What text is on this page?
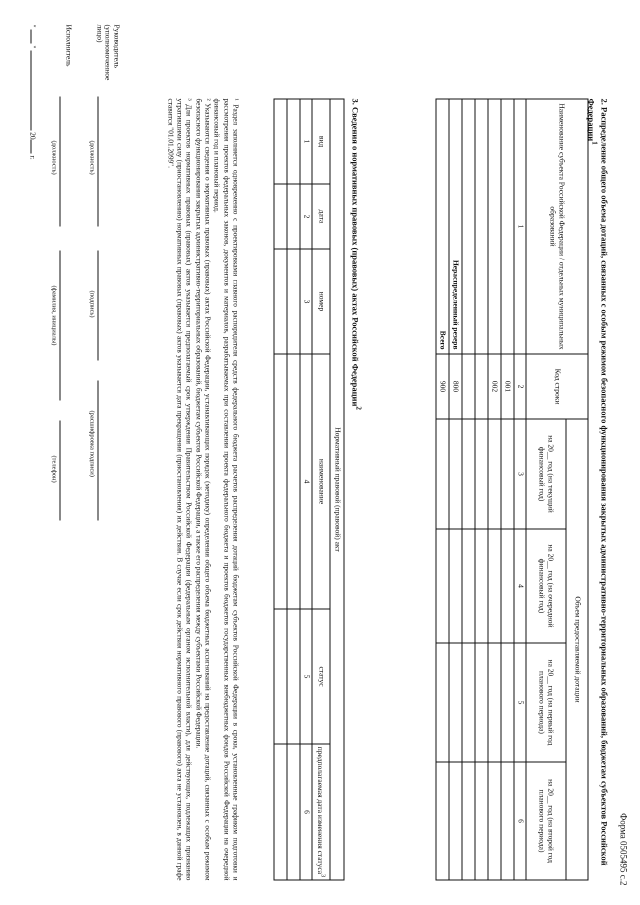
Форма 0505495 с.2
2. Распределение общего объема дотаций, связанных с особым режимом безопасного функционирования закрытых административно-территориальных образований, бюджетам субъектов Российской Федерации$^1$
Наименование субъекта Российской Федерации / отдельных муниципальных образований	Код строки	Объем предоставляемой дотации			
		на 20__ год (на текущий финансовый год)	на 20__ год (на очередной финансовый год)	на 20__ год (на первый год планового периода)	на 20__ год (на второй год планового периода)
1	2	3	4	5	6
	001				
	002				

Нераспределенный резерв	800				
Всего	900				
3. Сведения о нормативных правовых (правовых) актах Российской Федерации$^2$
Нормативный правовой (правовой) акт					
вид	дата	номер	наименование	статус	предполагаемая дата изменения статуса$^3$
1	2	3	4	5	6

¹ Раздел заполняется одновременно с проектировками главного распорядителя средств федерального бюджета расчетов распределения дотаций бюджетам субъектов Российской Федерации в сроки, установленные графиком подготовки и рассмотрения проектов федеральных законов, документов и материалов, разрабатываемых при составлении проекта федерального бюджета и проектов бюджетов государственных внебюджетных фондов Российской Федерации на очередной финансовый год и плановый период.

² Указываются сведения о нормативных правовых (правовых) актах Российской Федерации, устанавливающих порядок (методику) определения общего объема бюджетных ассигнований на предоставление дотаций, связанных с особым режимом безопасного функционирования закрытых административно-территориальных образований, бюджетам субъектов Российской Федерации, а также его распределения между субъектами Российской Федерации.

³ Для проектов нормативных правовых (правовых) актов указывается предполагаемый срок утверждения Правительством Российской Федерации (федеральным органом исполнительной власти), для действующих, подлежащих признанию утратившими силу (приостановлению) нормативных правовых (правовых) актов указывается дата прекращения (приостановления) их действия. В случае если срок действия нормативного правового (правового) акта не установлен, в данной графе ставится "01.01.2099".

Руководитель (уполномоченное лицо)
(должность)
(подпись)
(расшифровка подписи)
Исполнитель
(должность)
(фамилия, инициалы)
(телефон)
"  "  20 г.
